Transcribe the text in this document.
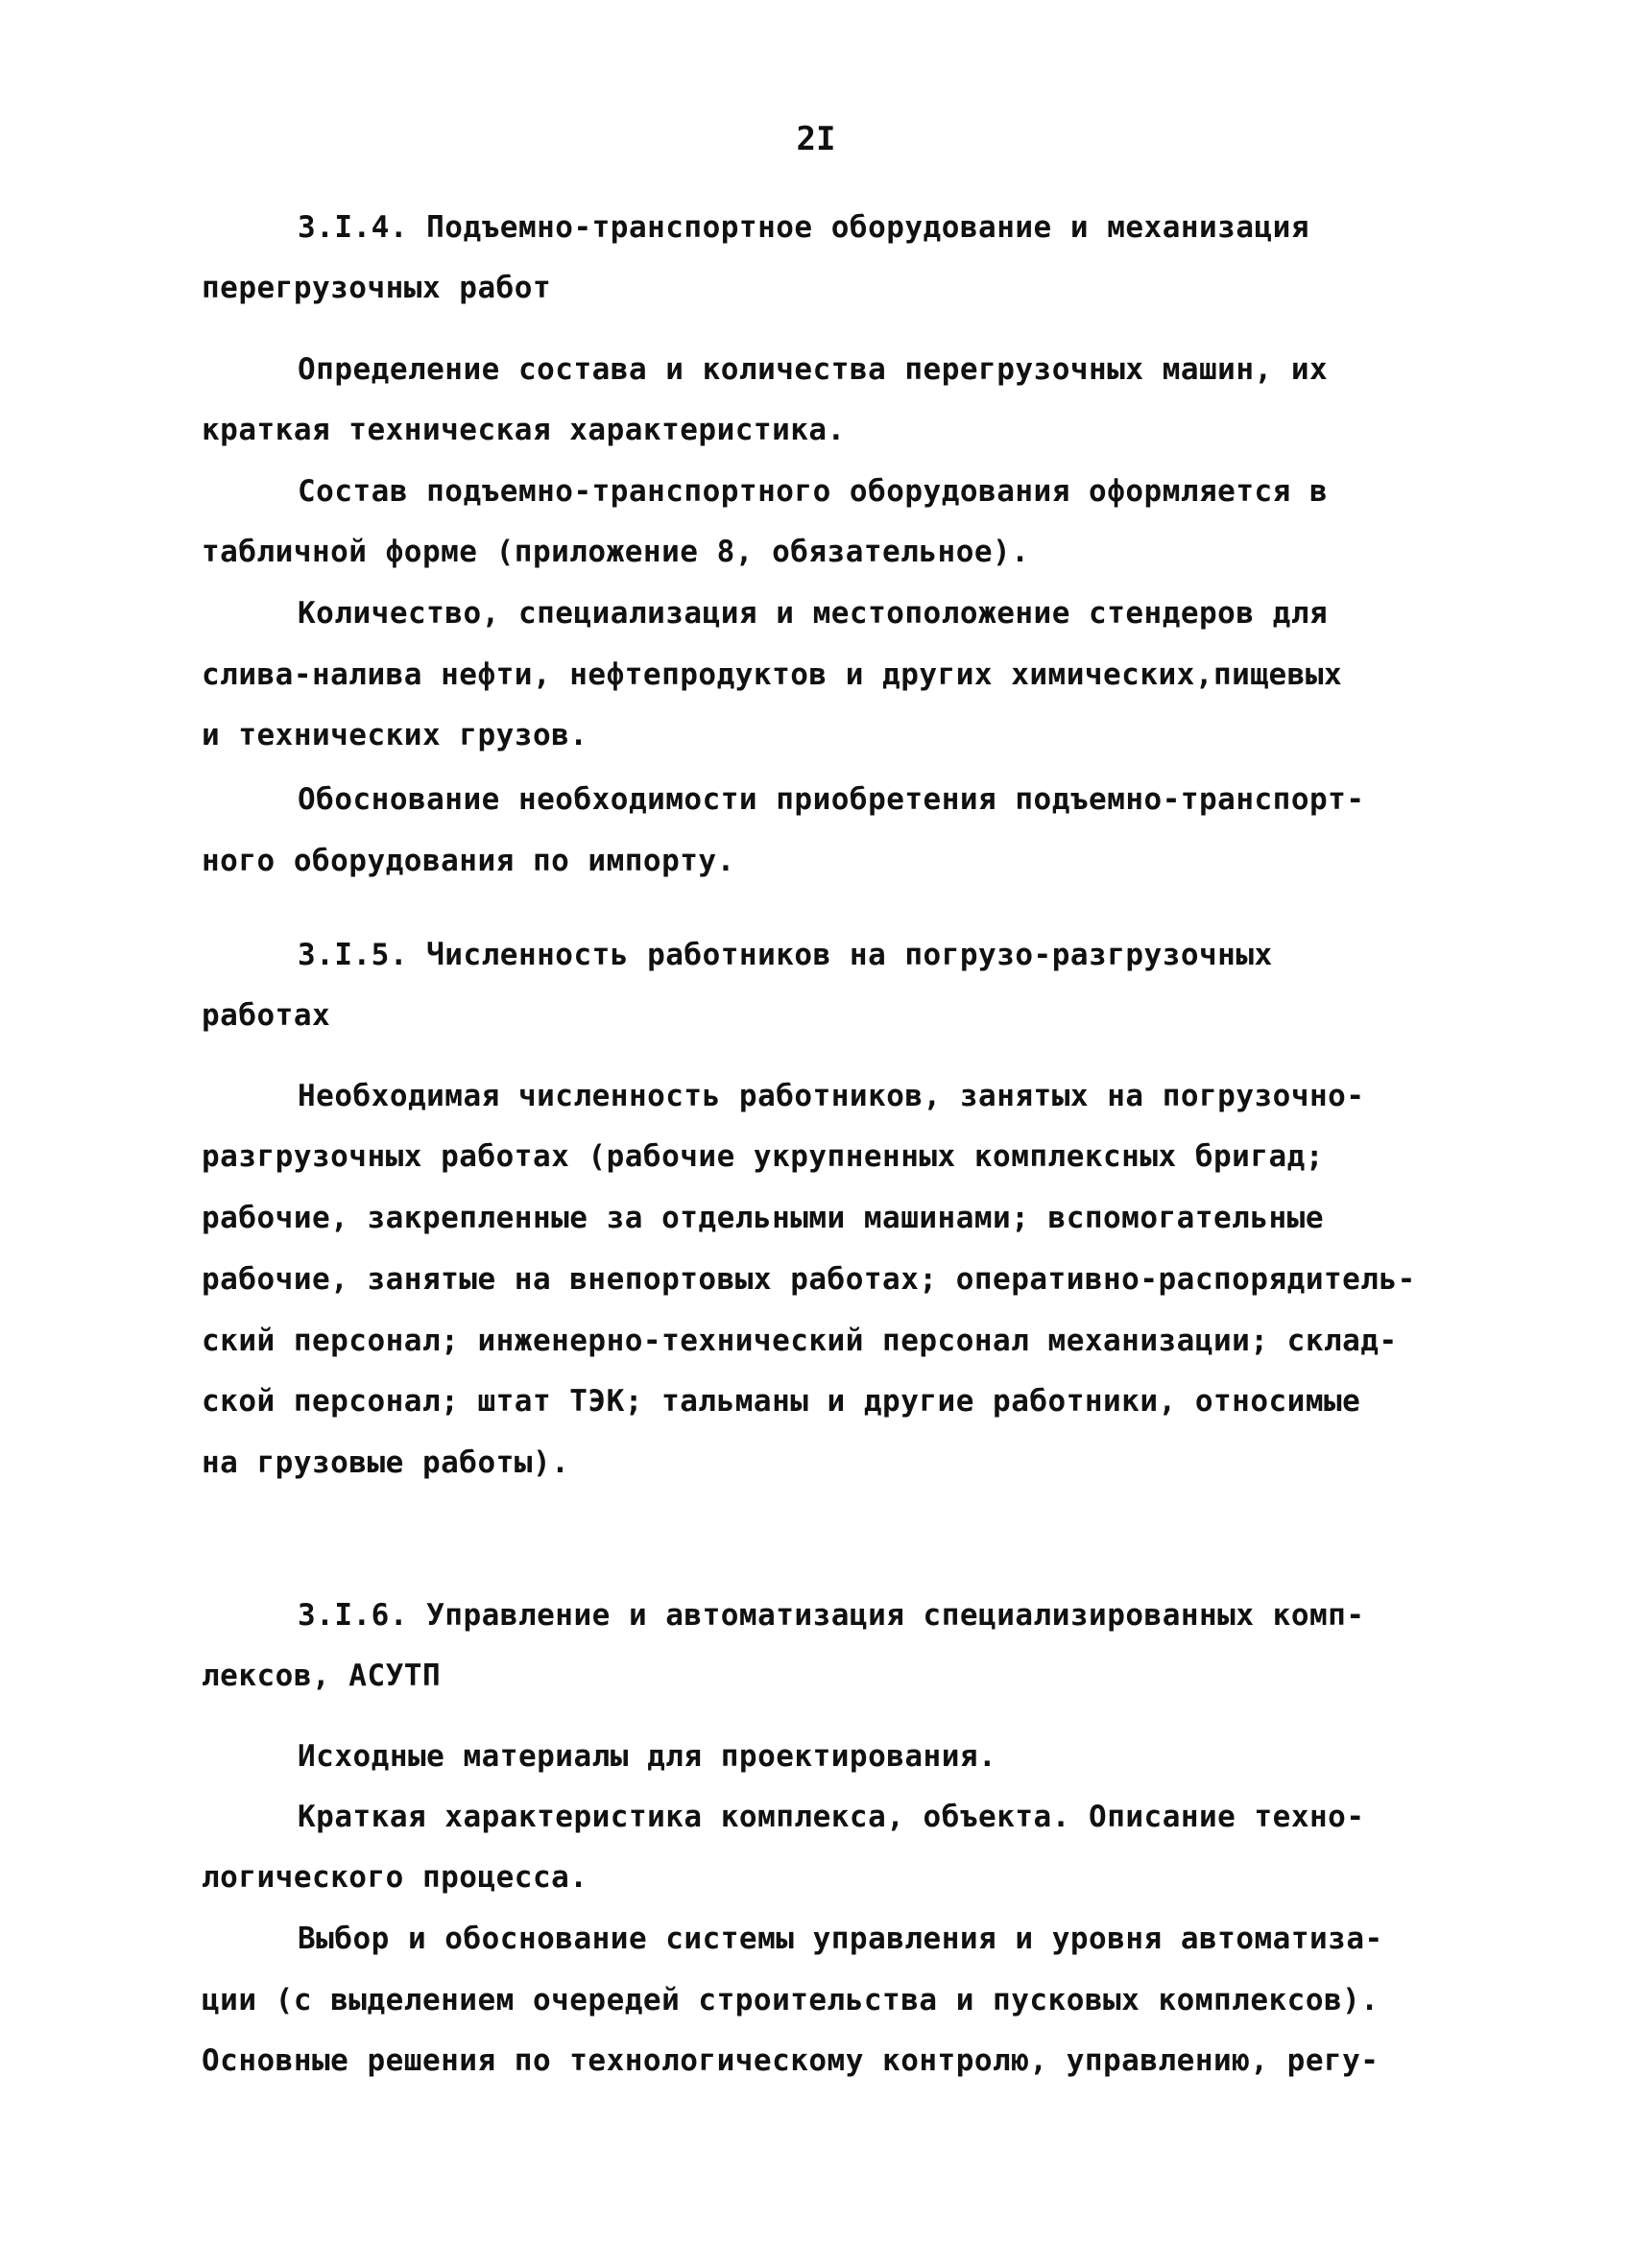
2I
3.I.4. Подъемно-транспортное оборудование и механизация
перегрузочных работ
Определение состава и количества перегрузочных машин, их
краткая техническая характеристика.
Состав подъемно-транспортного оборудования оформляется в
табличной форме (приложение 8, обязательное).
Количество, специализация и местоположение стендеров для
слива-налива нефти, нефтепродуктов и других химических,пищевых
и технических грузов.
Обоснование необходимости приобретения подъемно-транспорт-
ного оборудования по импорту.
3.I.5. Численность работников на погрузо-разгрузочных
работах
Необходимая численность работников, занятых на погрузочно-
разгрузочных работах (рабочие укрупненных комплексных бригад;
рабочие, закрепленные за отдельными машинами; вспомогательные
рабочие, занятые на внепортовых работах; оперативно-распорядитель-
ский персонал; инженерно-технический персонал механизации; склад-
ской персонал; штат ТЭК; тальманы и другие работники, относимые
на грузовые работы).
3.I.6. Управление и автоматизация специализированных комп-
лексов, АСУТП
Исходные материалы для проектирования.
Краткая характеристика комплекса, объекта. Описание техно-
логического процесса.
Выбор и обоснование системы управления и уровня автоматиза-
ции (с выделением очередей строительства и пусковых комплексов).
Основные решения по технологическому контролю, управлению, регу-
